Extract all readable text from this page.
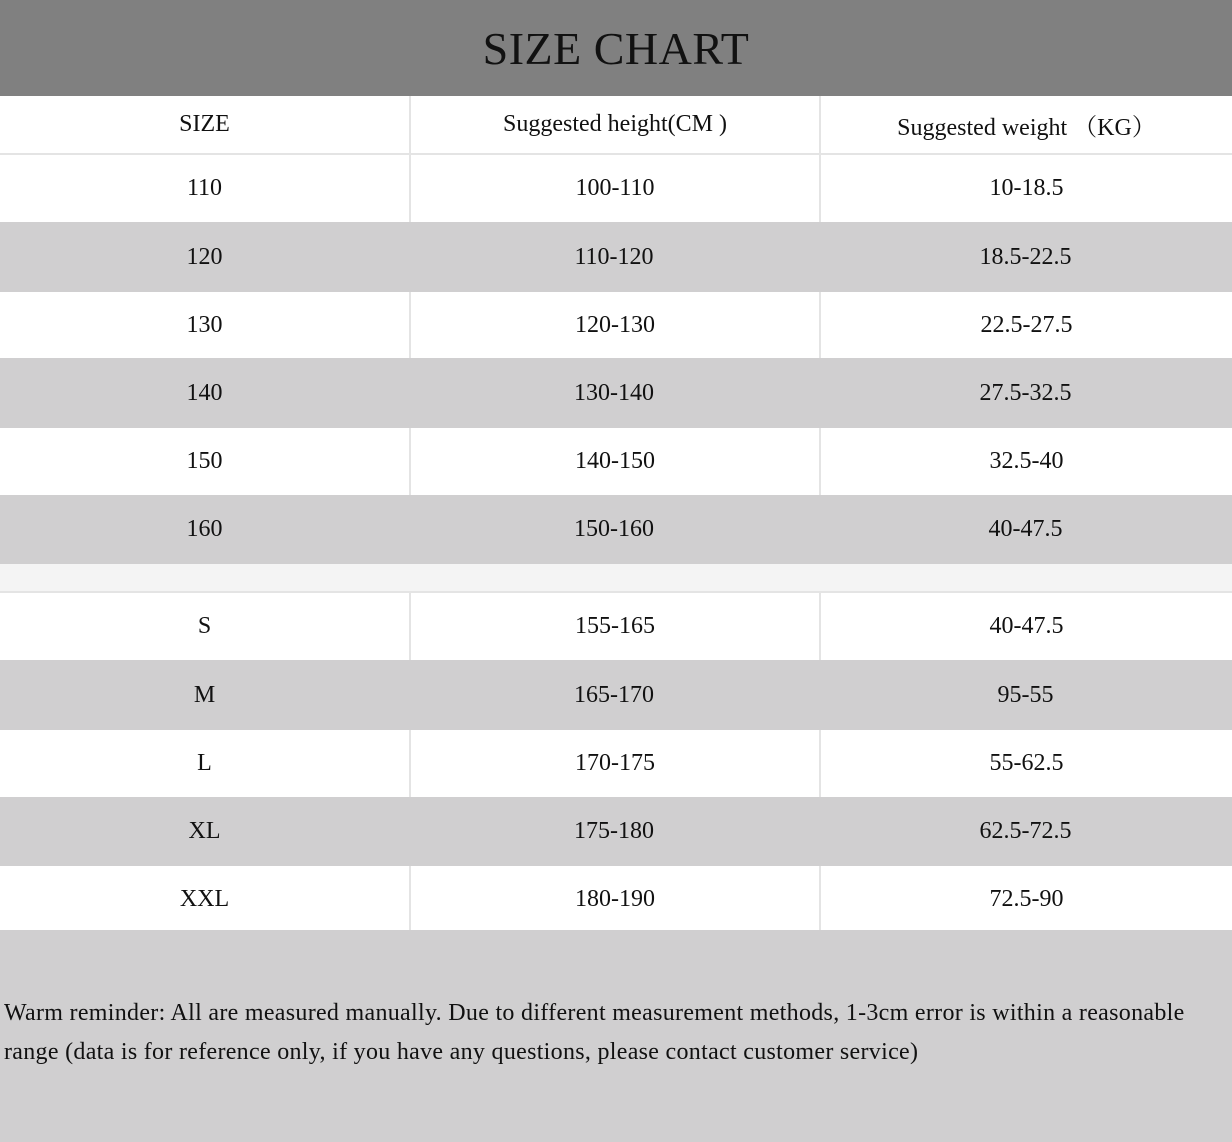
SIZE CHART
SIZE	Suggested height(CM )	Suggested weight （KG）
110	100-110	10-18.5
120	110-120	18.5-22.5
130	120-130	22.5-27.5
140	130-140	27.5-32.5
150	140-150	32.5-40
160	150-160	40-47.5
S	155-165	40-47.5
M	165-170	95-55
L	170-175	55-62.5
XL	175-180	62.5-72.5
XXL	180-190	72.5-90
Warm reminder: All are measured manually. Due to different measurement methods, 1-3cm error is within a reasonable range (data is for reference only, if you have any questions, please contact customer service)
